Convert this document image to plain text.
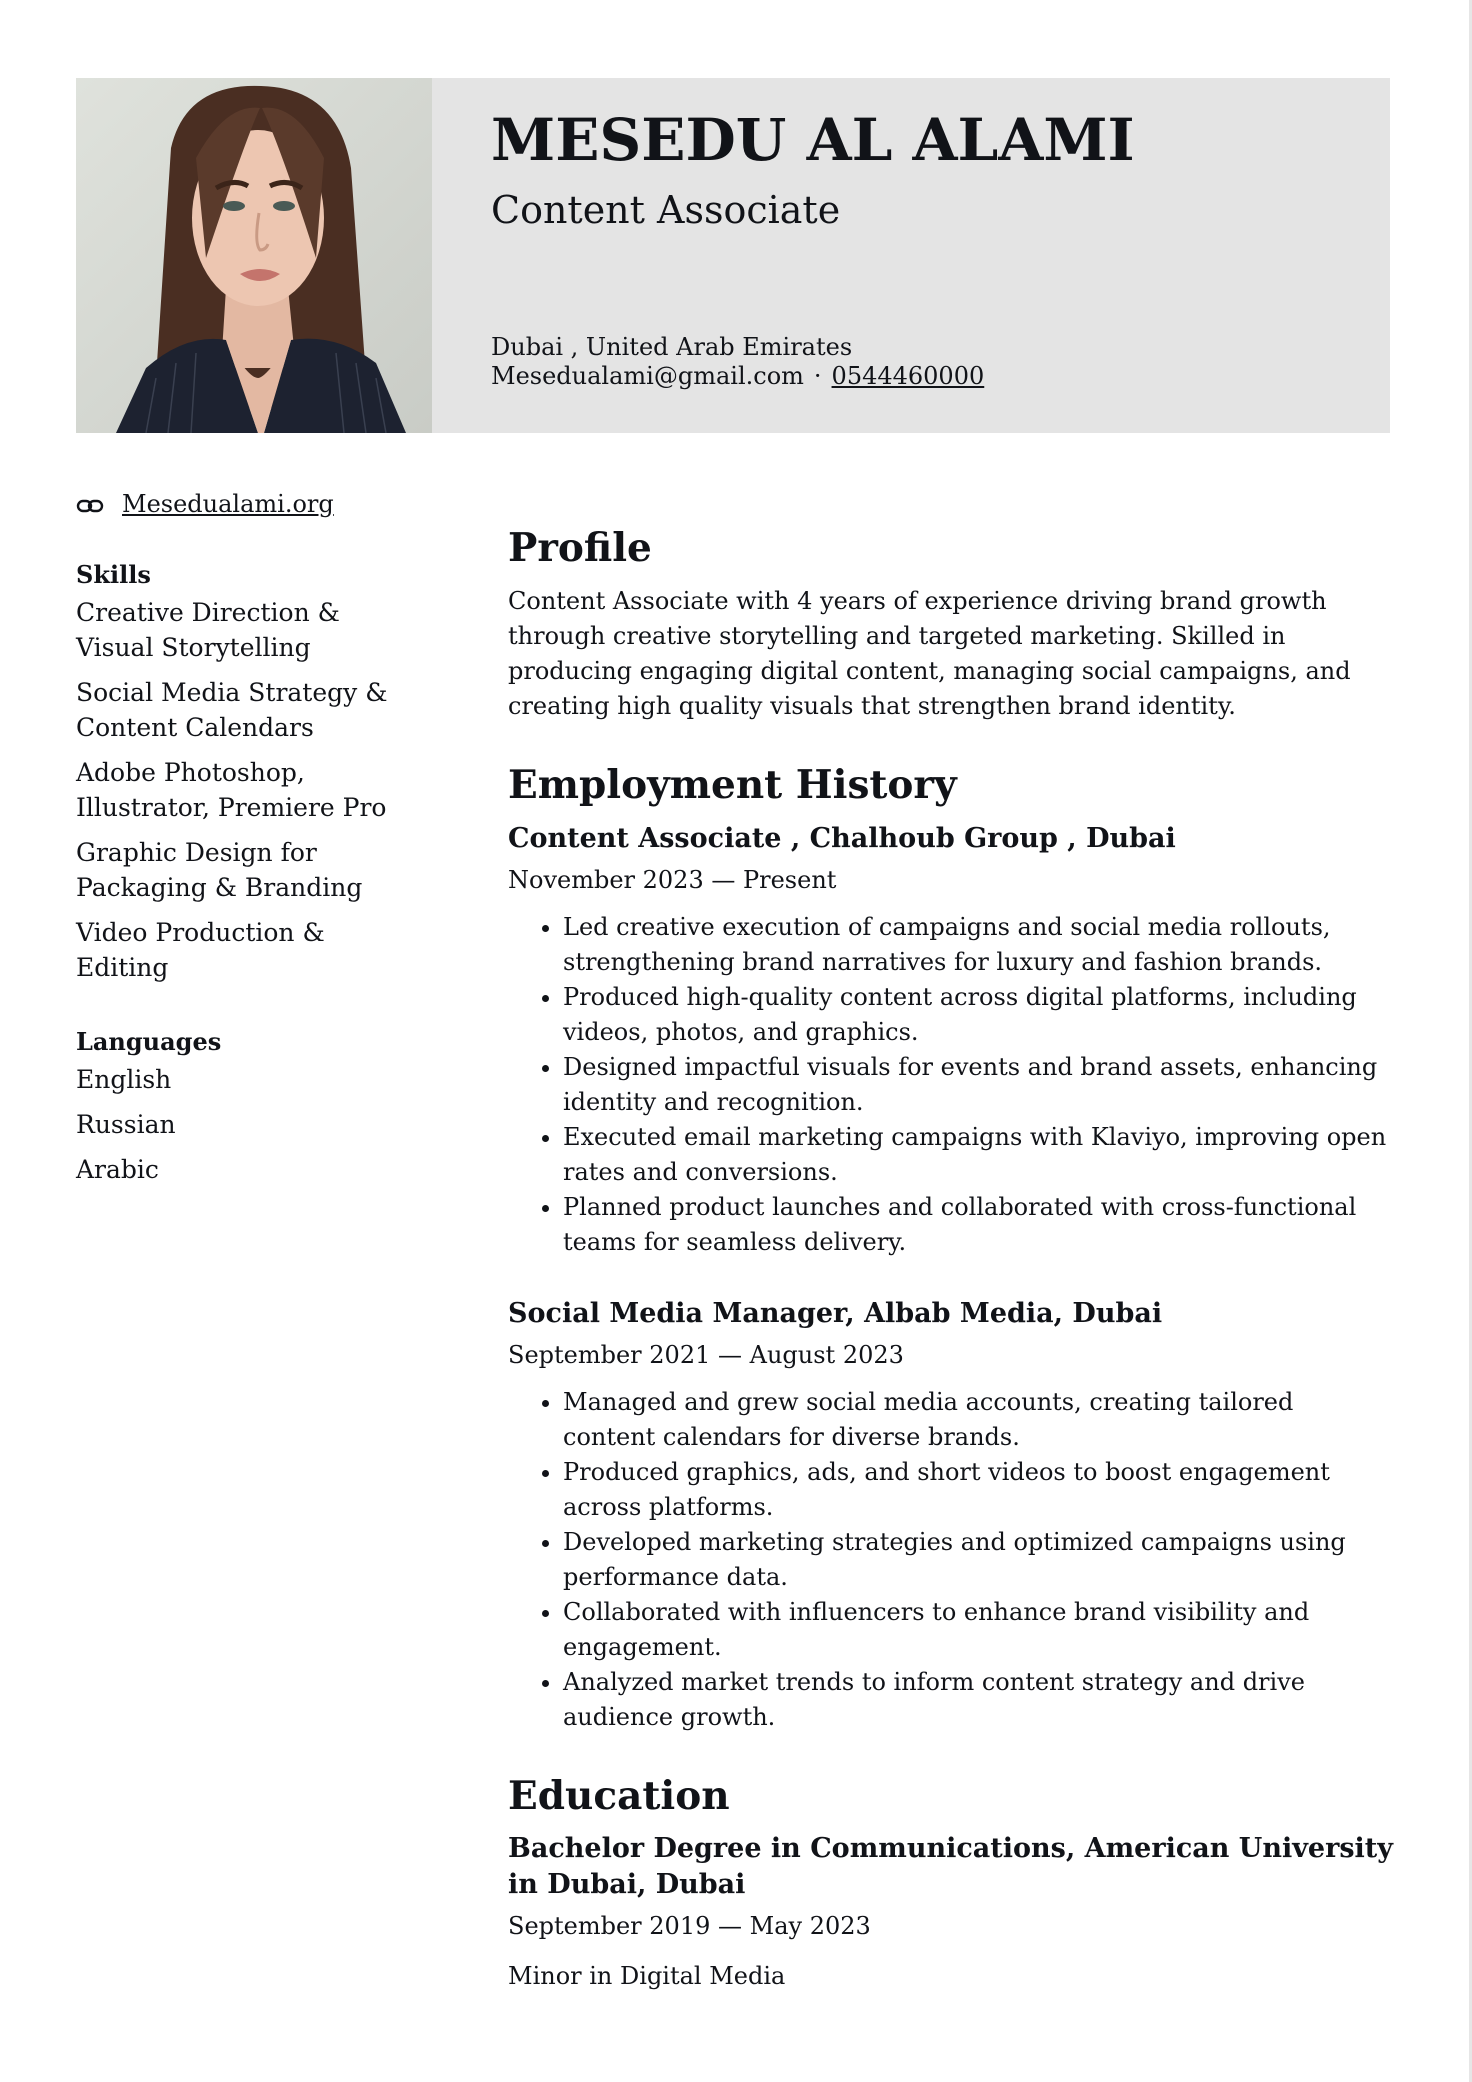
MESEDU AL ALAMI
Content Associate
Dubai , United Arab Emirates
Mesedualami@gmail.com · 0544460000
Mesedualami.org
Skills
Creative Direction & Visual Storytelling
Social Media Strategy & Content Calendars
Adobe Photoshop, Illustrator, Premiere Pro
Graphic Design for Packaging & Branding
Video Production & Editing
Languages
English
Russian
Arabic
Profile

Content Associate with 4 years of experience driving brand growth through creative storytelling and targeted marketing. Skilled in producing engaging digital content, managing social campaigns, and creating high quality visuals that strengthen brand identity.

Employment History
Content Associate , Chalhoub Group , Dubai
November 2023 — Present
• Led creative execution of campaigns and social media rollouts, strengthening brand narratives for luxury and fashion brands.
• Produced high-quality content across digital platforms, including videos, photos, and graphics.
• Designed impactful visuals for events and brand assets, enhancing identity and recognition.
• Executed email marketing campaigns with Klaviyo, improving open rates and conversions.
• Planned product launches and collaborated with cross-functional teams for seamless delivery.
Social Media Manager, Albab Media, Dubai
September 2021 — August 2023
• Managed and grew social media accounts, creating tailored content calendars for diverse brands.
• Produced graphics, ads, and short videos to boost engagement across platforms.
• Developed marketing strategies and optimized campaigns using performance data.
• Collaborated with influencers to enhance brand visibility and engagement.
• Analyzed market trends to inform content strategy and drive audience growth.
Education
Bachelor Degree in Communications, American University in Dubai, Dubai
September 2019 — May 2023
Minor in Digital Media
